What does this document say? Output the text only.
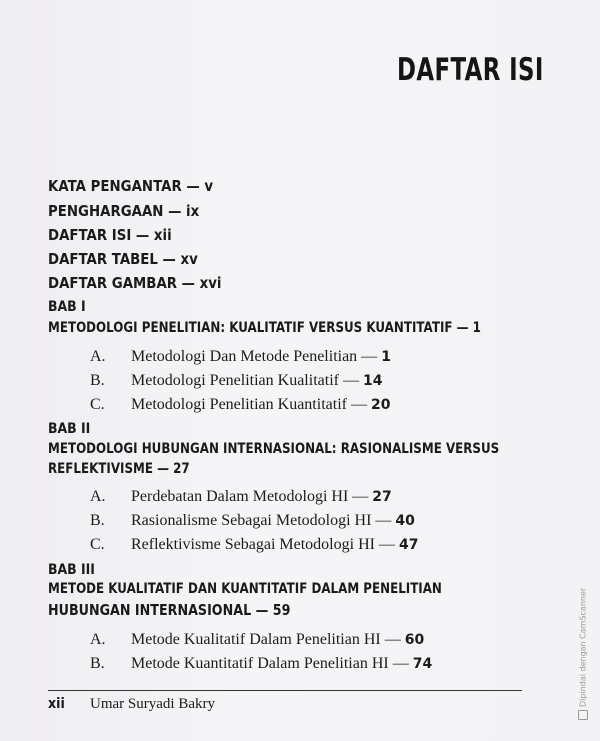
DAFTAR ISI
KATA PENGANTAR — v
PENGHARGAAN — ix
DAFTAR ISI — xii
DAFTAR TABEL — xv
DAFTAR GAMBAR — xvi
BAB I
METODOLOGI PENELITIAN: KUALITATIF VERSUS KUANTITATIF — 1
A. Metodologi Dan Metode Penelitian — 1
B. Metodologi Penelitian Kualitatif — 14
C. Metodologi Penelitian Kuantitatif — 20
BAB II
METODOLOGI HUBUNGAN INTERNASIONAL: RASIONALISME VERSUS
REFLEKTIVISME — 27
A. Perdebatan Dalam Metodologi HI — 27
B. Rasionalisme Sebagai Metodologi HI — 40
C. Reflektivisme Sebagai Metodologi HI — 47
BAB III
METODE KUALITATIF DAN KUANTITATIF DALAM PENELITIAN
HUBUNGAN INTERNASIONAL — 59
A. Metode Kualitatif Dalam Penelitian HI — 60
B. Metode Kuantitatif Dalam Penelitian HI — 74
xii Umar Suryadi Bakry	Dipindai dengan CamScanner
